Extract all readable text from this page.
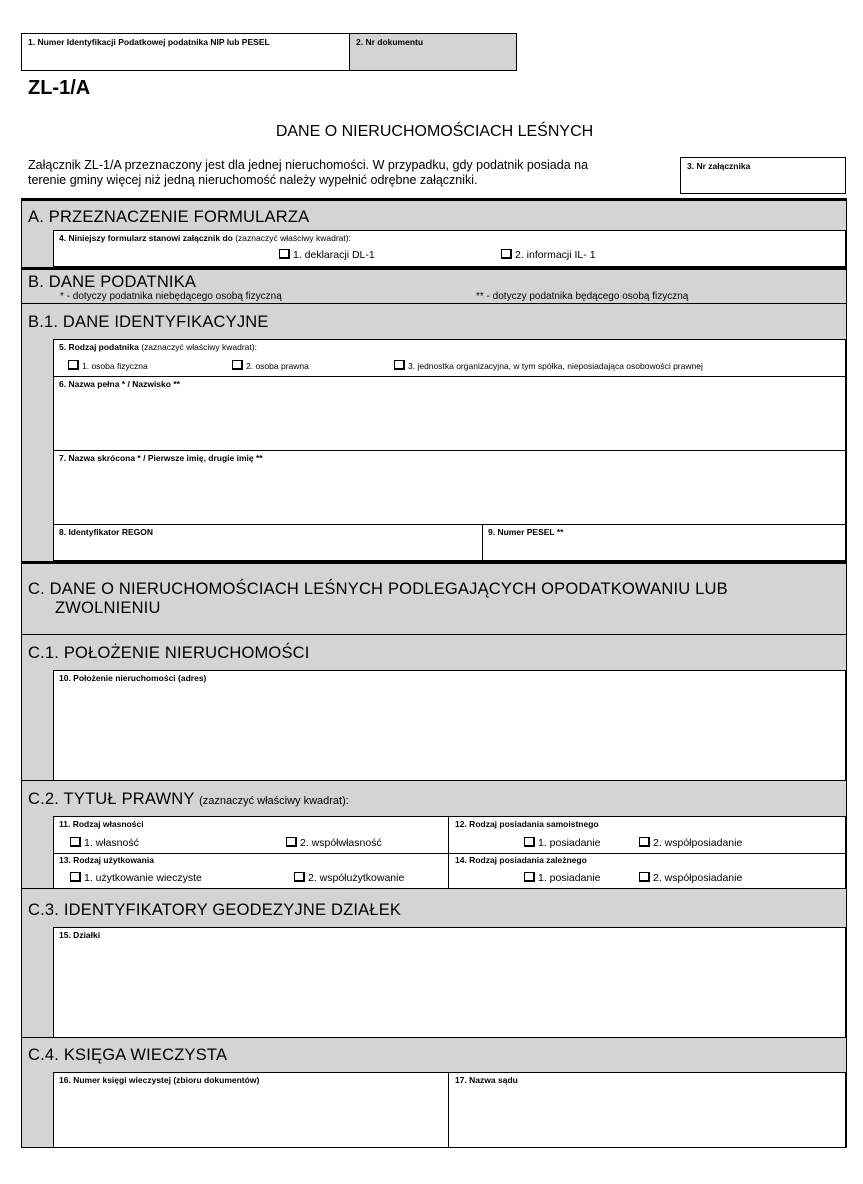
1. Numer Identyfikacji Podatkowej podatnika NIP lub PESEL	2. Nr dokumentu
ZL-1/A
DANE O NIERUCHOMOŚCIACH LEŚNYCH
Załącznik ZL-1/A przeznaczony jest dla jednej nieruchomości. W przypadku, gdy podatnik posiada na
terenie gminy więcej niż jedną nieruchomość należy wypełnić odrębne załączniki.
3. Nr załącznika
A. PRZEZNACZENIE FORMULARZA
4. Niniejszy formularz stanowi załącznik do (zaznaczyć właściwy kwadrat):
1. deklaracji DL-1	2. informacji IL- 1
B. DANE PODATNIKA
* - dotyczy podatnika niebędącego osobą fizyczną	** - dotyczy podatnika będącego osobą fizyczną
B.1. DANE IDENTYFIKACYJNE
5. Rodzaj podatnika (zaznaczyć właściwy kwadrat):
1. osoba fizyczna	2. osoba prawna	3. jednostka organizacyjna, w tym spółka, nieposiadająca osobowości prawnej
6. Nazwa pełna * / Nazwisko **
7. Nazwa skrócona * / Pierwsze imię, drugie imię **
8. Identyfikator REGON	9. Numer PESEL **
C. DANE O NIERUCHOMOŚCIACH LEŚNYCH PODLEGAJĄCYCH OPODATKOWANIU LUB
ZWOLNIENIU
C.1. POŁOŻENIE NIERUCHOMOŚCI
10. Położenie nieruchomości (adres)
C.2. TYTUŁ PRAWNY (zaznaczyć właściwy kwadrat):
11. Rodzaj własności
1. własność	2. współwłasność
12. Rodzaj posiadania samoistnego
1. posiadanie	2. współposiadanie
13. Rodzaj użytkowania
1. użytkowanie wieczyste	2. współużytkowanie
14. Rodzaj posiadania zależnego
1. posiadanie	2. współposiadanie
C.3. IDENTYFIKATORY GEODEZYJNE DZIAŁEK
15. Działki
C.4. KSIĘGA WIECZYSTA
16. Numer księgi wieczystej (zbioru dokumentów)	17. Nazwa sądu
